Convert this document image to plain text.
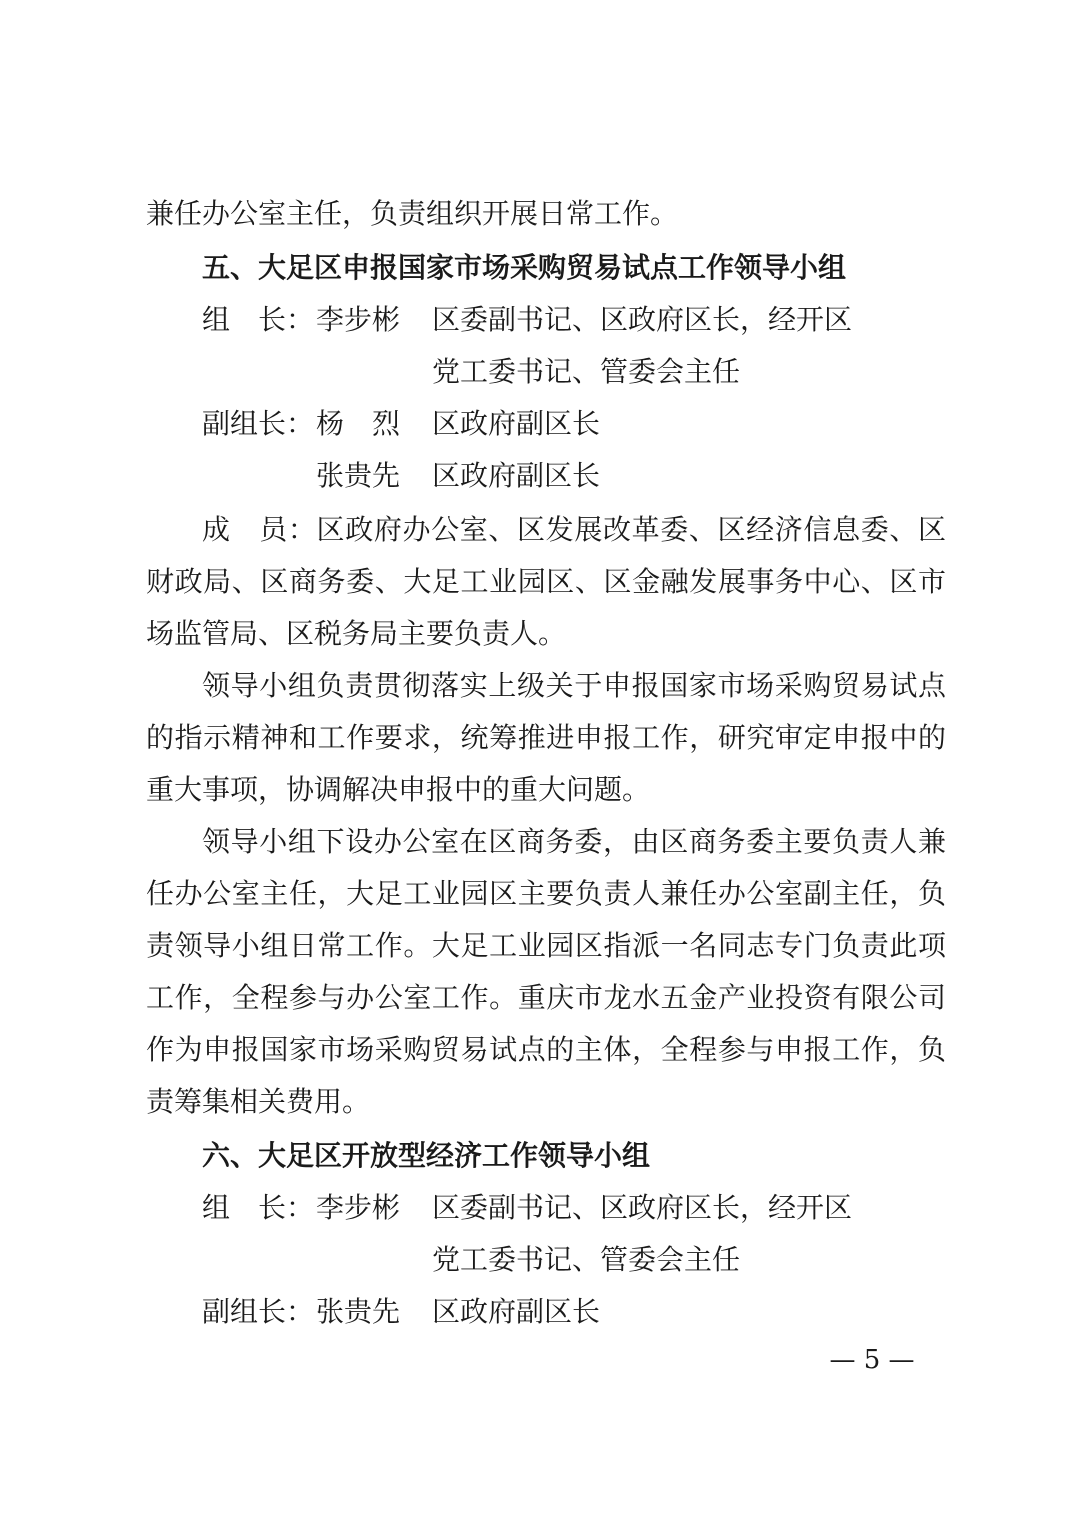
兼任办公室主任，负责组织开展日常工作。
五、大足区申报国家市场采购贸易试点工作领导小组
组　长： 李步彬 区委副书记、区政府区长，经开区
党工委书记、管委会主任
副组长： 杨　烈 区政府副区长
张贵先 区政府副区长
成　员：区政府办公室、区发展改革委、区经济信息委、区
财政局、区商务委、大足工业园区、区金融发展事务中心、区市
场监管局、区税务局主要负责人。
领导小组负责贯彻落实上级关于申报国家市场采购贸易试点
的指示精神和工作要求，统筹推进申报工作，研究审定申报中的
重大事项，协调解决申报中的重大问题。
领导小组下设办公室在区商务委，由区商务委主要负责人兼
任办公室主任，大足工业园区主要负责人兼任办公室副主任，负
责领导小组日常工作。大足工业园区指派一名同志专门负责此项
工作，全程参与办公室工作。重庆市龙水五金产业投资有限公司
作为申报国家市场采购贸易试点的主体，全程参与申报工作，负
责筹集相关费用。
六、大足区开放型经济工作领导小组
组　长： 李步彬 区委副书记、区政府区长，经开区
党工委书记、管委会主任
副组长： 张贵先 区政府副区长
— 5 —
